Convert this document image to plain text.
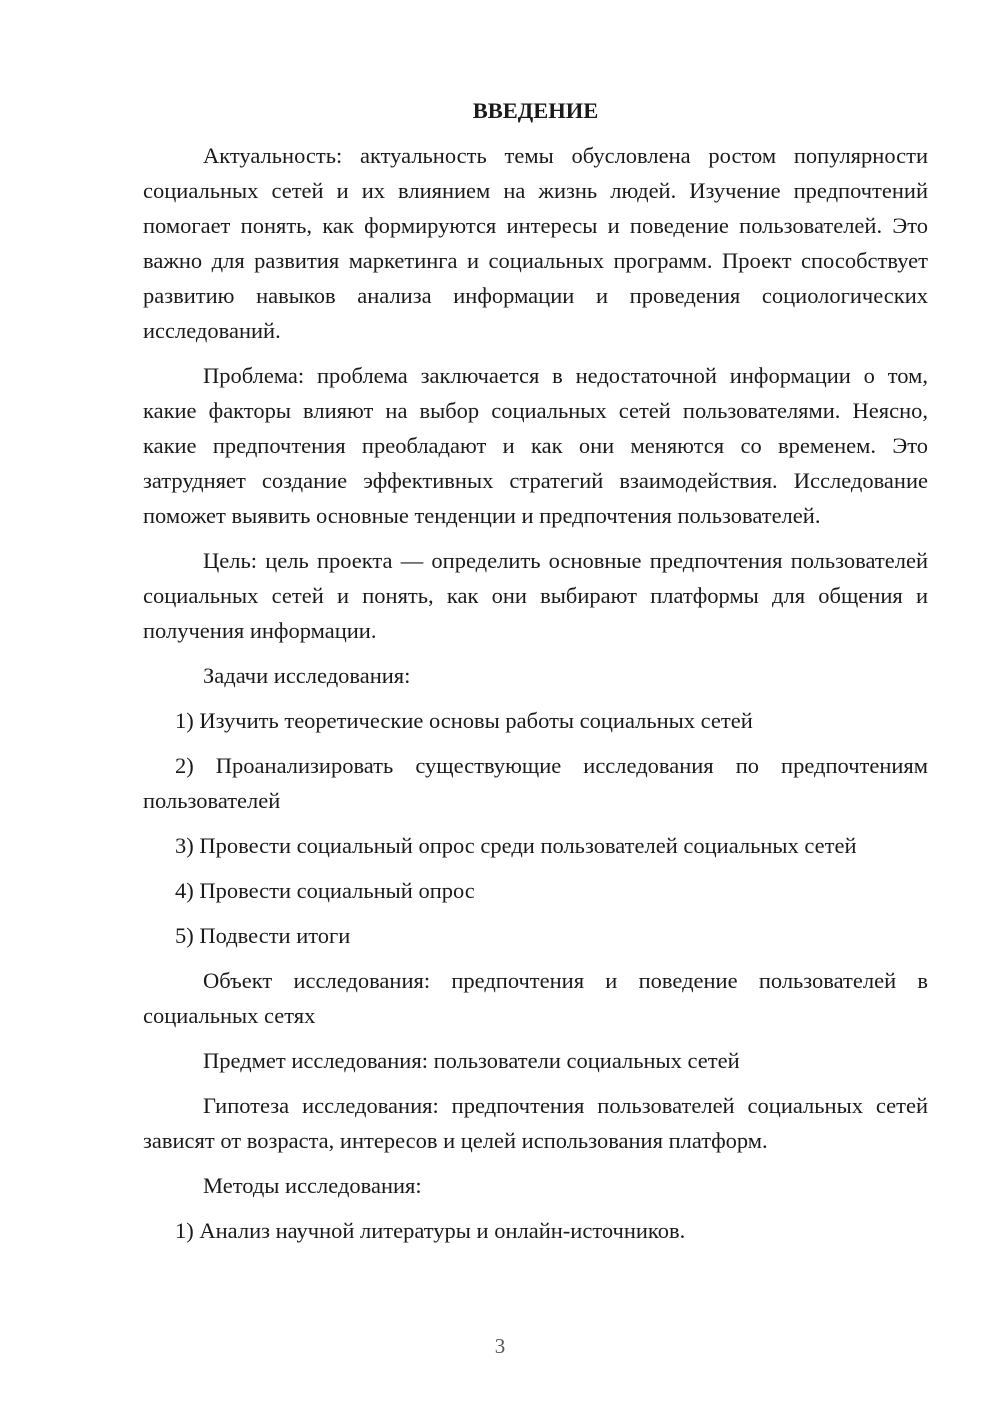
ВВЕДЕНИЕ

Актуальность: актуальность темы обусловлена ростом популярности социальных сетей и их влиянием на жизнь людей. Изучение предпочтений помогает понять, как формируются интересы и поведение пользователей. Это важно для развития маркетинга и социальных программ. Проект способствует развитию навыков анализа информации и проведения социологических исследований.

Проблема: проблема заключается в недостаточной информации о том, какие факторы влияют на выбор социальных сетей пользователями. Неясно, какие предпочтения преобладают и как они меняются со временем. Это затрудняет создание эффективных стратегий взаимодействия. Исследование поможет выявить основные тенденции и предпочтения пользователей.

Цель: цель проекта — определить основные предпочтения пользователей социальных сетей и понять, как они выбирают платформы для общения и получения информации.

Задачи исследования:

1) Изучить теоретические основы работы социальных сетей

2) Проанализировать существующие исследования по предпочтениям пользователей

3) Провести социальный опрос среди пользователей социальных сетей

4) Провести социальный опрос

5) Подвести итоги

Объект исследования: предпочтения и поведение пользователей в социальных сетях

Предмет исследования: пользователи социальных сетей

Гипотеза исследования: предпочтения пользователей социальных сетей зависят от возраста, интересов и целей использования платформ.

Методы исследования:

1) Анализ научной литературы и онлайн-источников.

3
